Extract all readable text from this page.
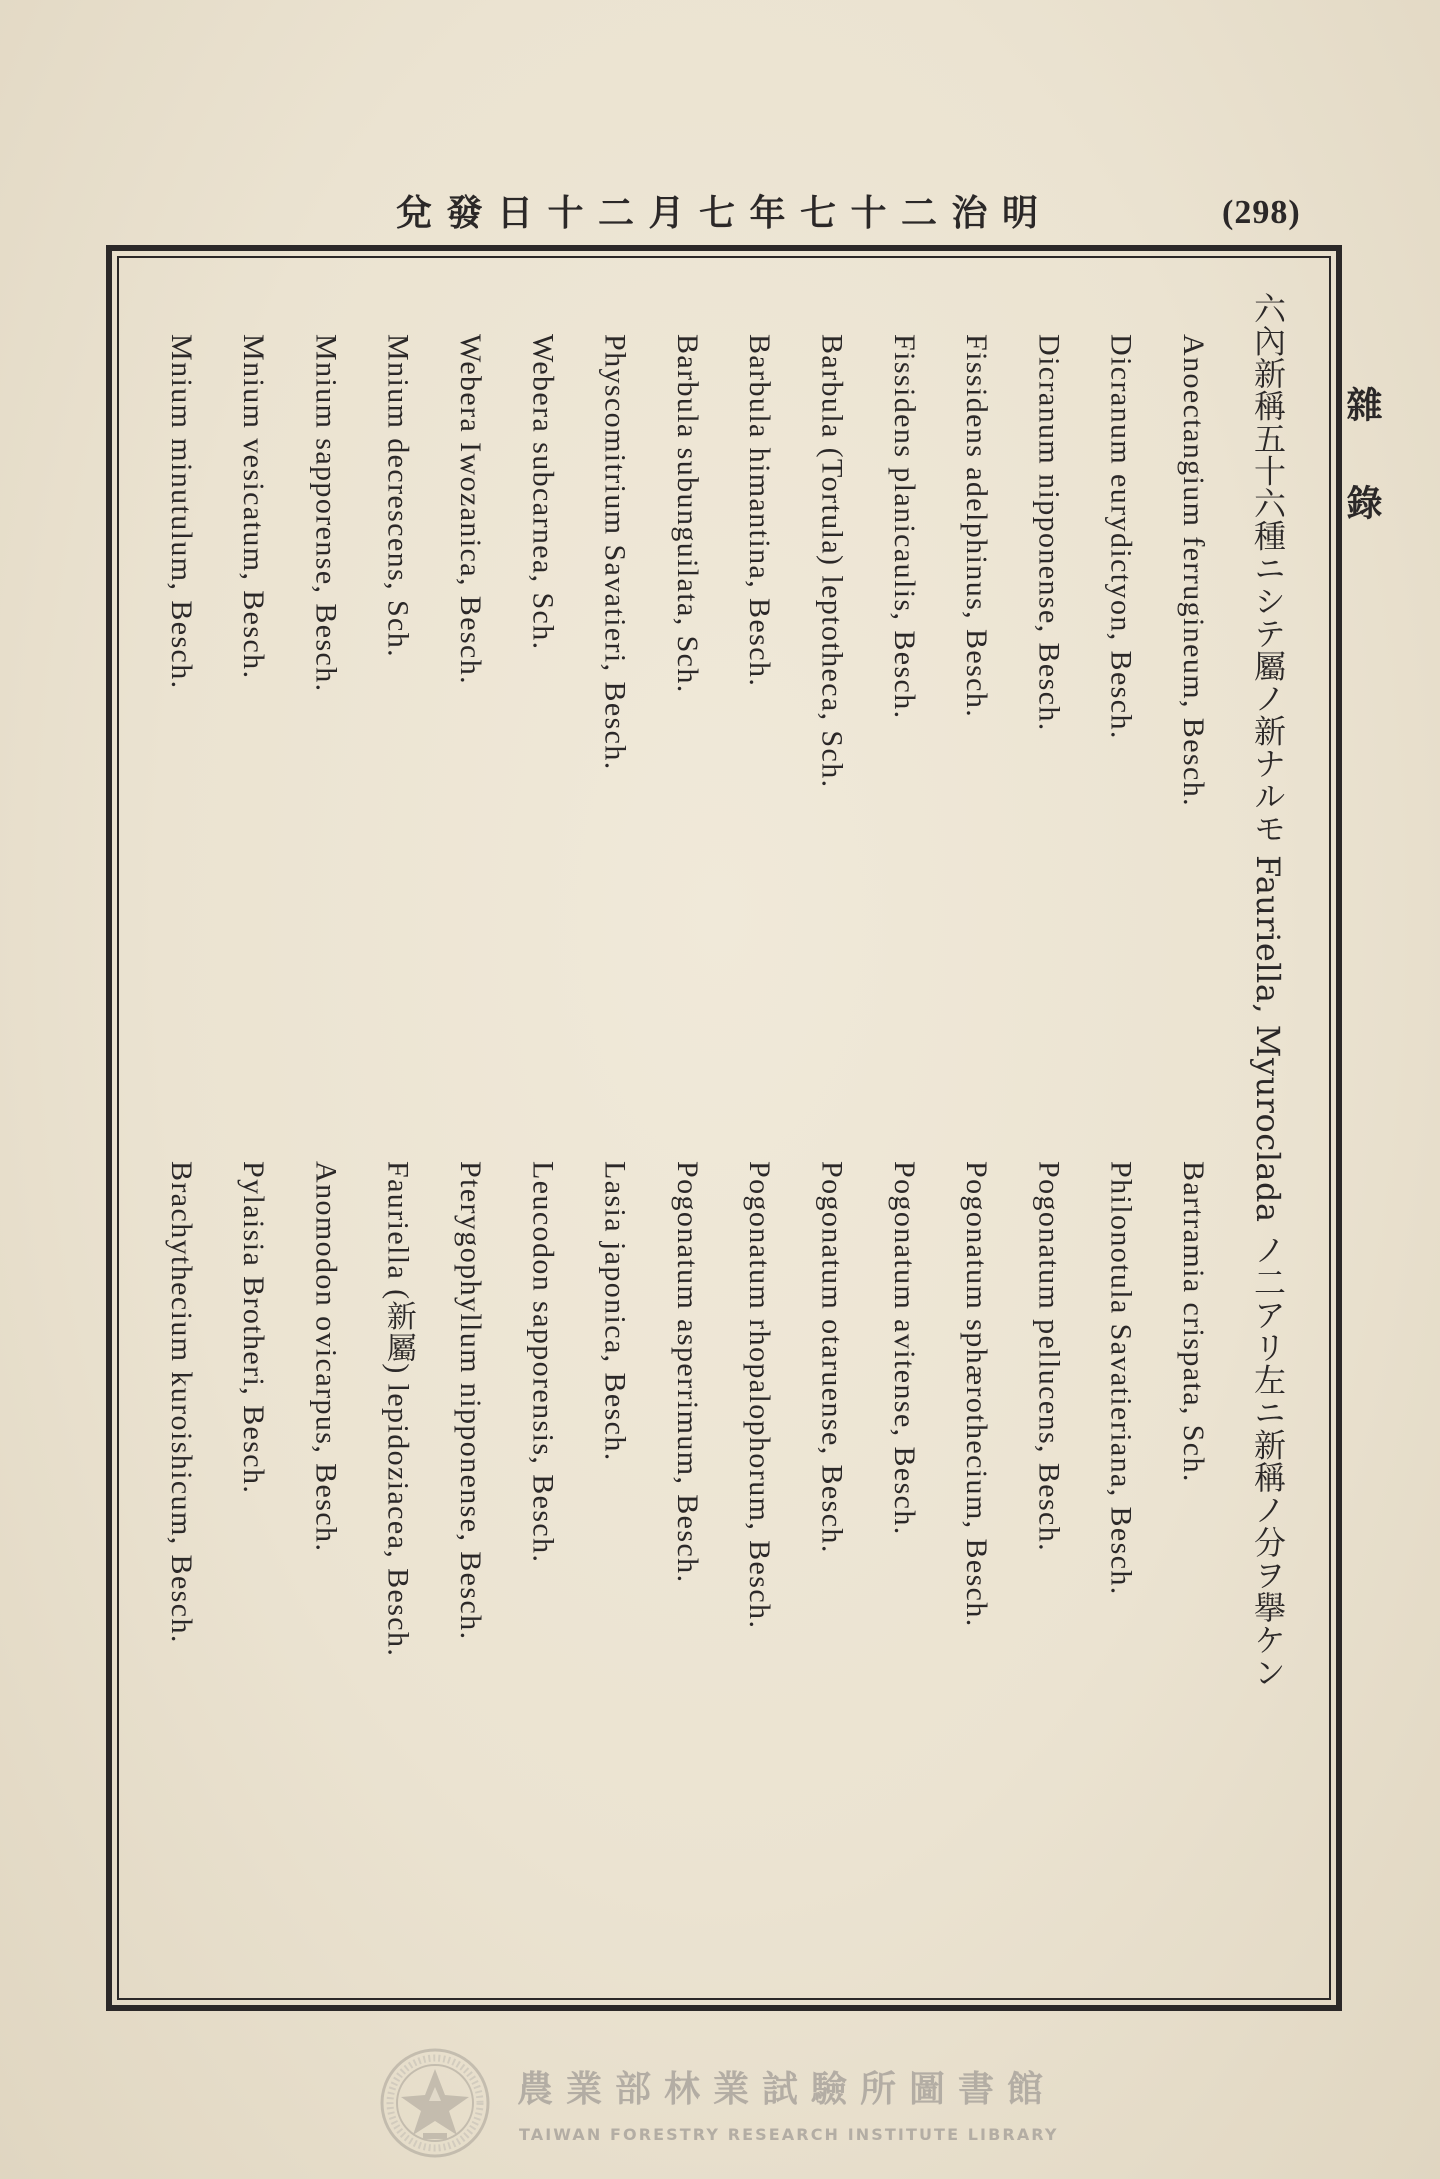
兌發日十二月七年七十二治明	(298)
雜錄
六內新稱五十六種ニシテ屬ノ新ナルモ Fauriella, Myuroclada ノ二アリ左ニ新稱ノ分ヲ擧ケン
Anoectangium ferrugineum, Besch.
Bartramia crispata, Sch.
Dicranum eurydictyon, Besch.
Philonotula Savatieriana, Besch.
Dicranum nipponense, Besch.
Pogonatum pellucens, Besch.
Fissidens adelphinus, Besch.
Pogonatum sphærothecium, Besch.
Fissidens planicaulis, Besch.
Pogonatum avitense, Besch.
Barbula (Tortula) leptotheca, Sch.
Pogonatum otaruense, Besch.
Barbula himantina, Besch.
Pogonatum rhopalophorum, Besch.
Barbula subunguilata, Sch.
Pogonatum asperrimum, Besch.
Physcomitrium Savatieri, Besch.
Lasia japonica, Besch.
Webera subcarnea, Sch.
Leucodon sapporensis, Besch.
Webera Iwozanica, Besch.
Pterygophyllum nipponense, Besch.
Mnium decrescens, Sch.
Fauriella (新屬) lepidoziacea, Besch.
Mnium sapporense, Besch.
Anomodon ovicarpus, Besch.
Mnium vesicatum, Besch.
Pylaisia Brotheri, Besch.
Mnium minutulum, Besch.
Brachythecium kuroishicum, Besch.
農業部林業試驗所圖書館
TAIWAN FORESTRY RESEARCH INSTITUTE LIBRARY
